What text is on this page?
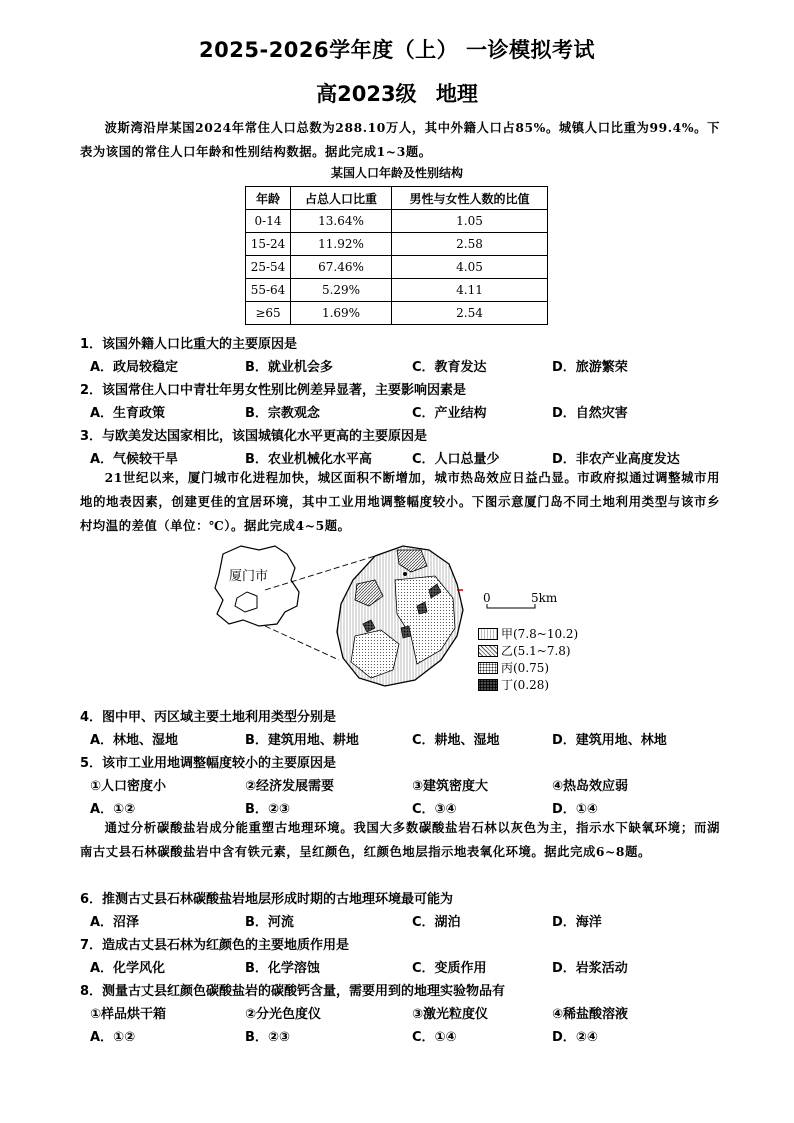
2025-2026学年度（上） 一诊模拟考试
高2023级 地理
波斯湾沿岸某国2024年常住人口总数为288.10万人，其中外籍人口占85%。城镇人口比重为99.4%。下表为该国的常住人口年龄和性别结构数据。据此完成1~3题。
某国人口年龄及性别结构
年龄	占总人口比重	男性与女性人数的比值
0-14	13.64%	1.05
15-24	11.92%	2.58
25-54	67.46%	4.05
55-64	5.29%	4.11
≥65	1.69%	2.54
1．该国外籍人口比重大的主要原因是
A．政局较稳定	B．就业机会多	C．教育发达	D．旅游繁荣
2．该国常住人口中青壮年男女性别比例差异显著，主要影响因素是
A．生育政策	B．宗教观念	C．产业结构	D．自然灾害
3．与欧美发达国家相比，该国城镇化水平更高的主要原因是
A．气候较干旱	B．农业机械化水平高	C．人口总量少	D．非农产业高度发达
21世纪以来，厦门城市化进程加快，城区面积不断增加，城市热岛效应日益凸显。市政府拟通过调整城市用地的地表因素，创建更佳的宜居环境，其中工业用地调整幅度较小。下图示意厦门岛不同土地利用类型与该市乡村均温的差值（单位：℃）。据此完成4~5题。
厦门市
0	5km
甲(7.8~10.2)
乙(5.1~7.8)
丙(0.75)
丁(0.28)
4．图中甲、丙区域主要土地利用类型分别是
A．林地、湿地	B．建筑用地、耕地	C．耕地、湿地	D．建筑用地、林地
5．该市工业用地调整幅度较小的主要原因是
①人口密度小	②经济发展需要	③建筑密度大	④热岛效应弱
A．①②	B．②③	C．③④	D．①④
通过分析碳酸盐岩成分能重塑古地理环境。我国大多数碳酸盐岩石林以灰色为主，指示水下缺氧环境；而湖南古丈县石林碳酸盐岩中含有铁元素，呈红颜色，红颜色地层指示地表氧化环境。据此完成6~8题。
6．推测古丈县石林碳酸盐岩地层形成时期的古地理环境最可能为
A．沼泽	B．河流	C．湖泊	D．海洋
7．造成古丈县石林为红颜色的主要地质作用是
A．化学风化	B．化学溶蚀	C．变质作用	D．岩浆活动
8．测量古丈县红颜色碳酸盐岩的碳酸钙含量，需要用到的地理实验物品有
①样品烘干箱	②分光色度仪	③激光粒度仪	④稀盐酸溶液
A．①②	B．②③	C．①④	D．②④
